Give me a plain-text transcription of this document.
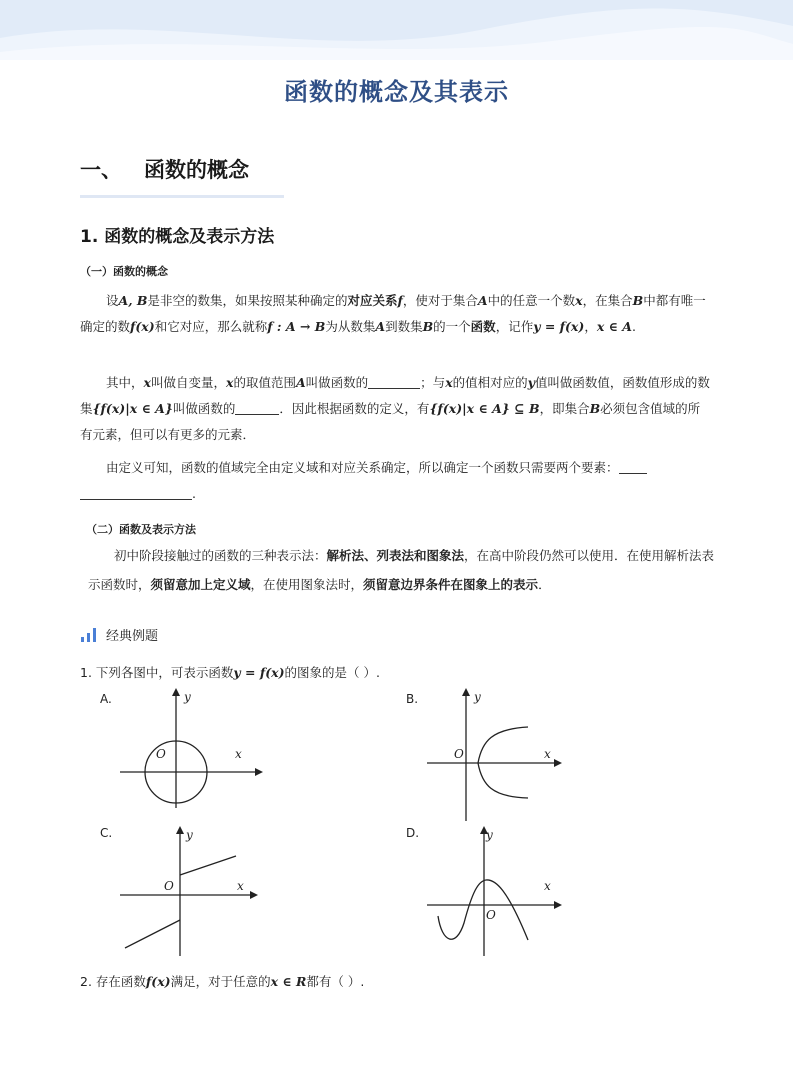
函数的概念及其表示
一、 函数的概念
1. 函数的概念及表示方法
（一）函数的概念
设A, B是非空的数集，如果按照某种确定的对应关系f，使对于集合A中的任意一个数x，在集合B中都有唯一确定的数f(x)和它对应，那么就称f : A → B为从数集A到数集B的一个函数，记作y = f(x)，x ∈ A.
其中，x叫做自变量，x的取值范围A叫做函数的	；与x的值相对应的y值叫做函数值，函数值形成的数集{f(x)|x ∈ A}叫做函数的	．因此根据函数的定义，有{f(x)|x ∈ A} ⊆ B，即集合B必须包含值域的所有元素，但可以有更多的元素．
由定义可知，函数的值域完全由定义域和对应关系确定，所以确定一个函数只需要两个要素：
.
（二）函数及表示方法
初中阶段接触过的函数的三种表示法：解析法、列表法和图象法，在高中阶段仍然可以使用．在使用解析法表示函数时，须留意加上定义域，在使用图象法时，须留意边界条件在图象上的表示．
经典例题
1. 下列各图中，可表示函数y = f(x)的图象的是（ ）.
A.	B.
C.	D.
y
x
O
y
x
O
y
x
O
y
x
O
2. 存在函数f(x)满足，对于任意的x ∈ R都有（ ）.
